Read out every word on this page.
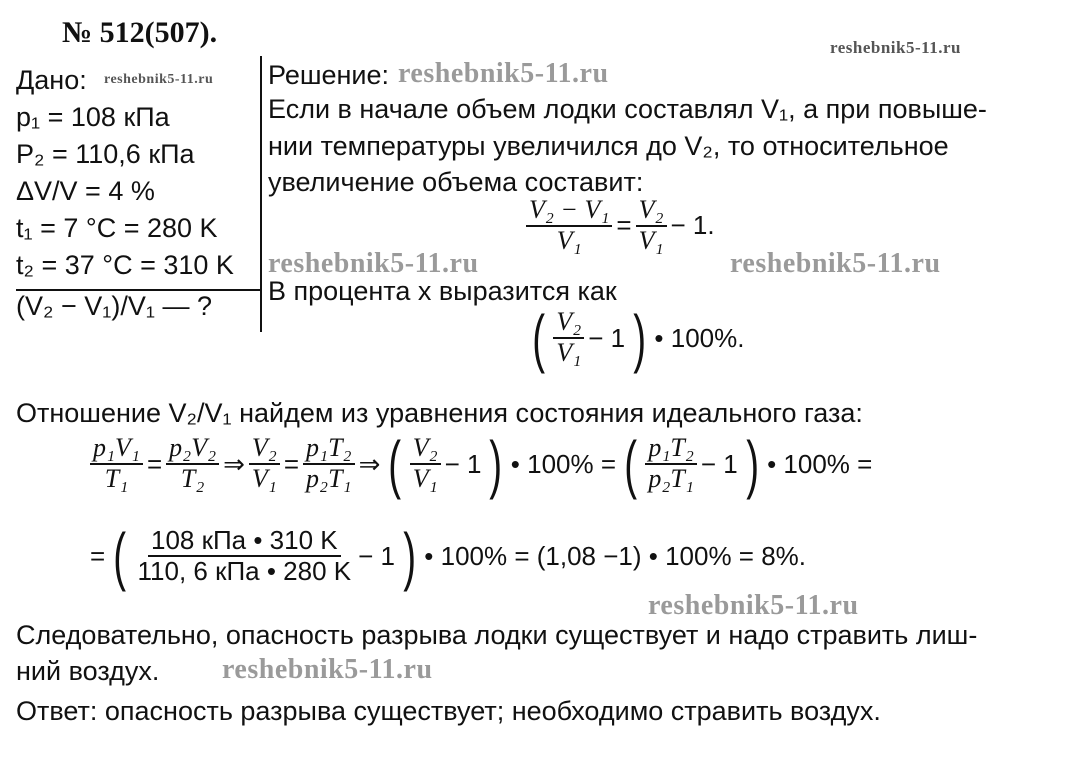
№ 512(507).	reshebnik5-11.ru
reshebnik5-11.ru	reshebnik5-11.ru
reshebnik5-11.ru	reshebnik5-11.ru
reshebnik5-11.ru
reshebnik5-11.ru
Дано:
p₁ = 108 кПа
P₂ = 110,6 кПа
ΔV/V = 4 %
t₁ = 7 °C = 280 K
t₂ = 37 °C = 310 K
(V₂ − V₁)/V₁ — ?
Решение:
Если в начале объем лодки составлял V₁, а при повыше-
нии температуры увеличился до V₂, то относительное
увеличение объема составит:
$\frac{\text{V₂ − V₁}}{\text{V₁}} = \frac{\text{V₂}}{\text{V₁}} - 1$.
В процента х выразится как
( $\frac{\text{V₂}}{\text{V₁}} - 1$ ) • 100%.
Отношение V₂/V₁ найдем из уравнения состояния идеального газа:
$\frac{\text{p₁V₁}}{\text{T₁}} = \frac{\text{p₂V₂}}{\text{T₂}}$ ⇒ $\frac{\text{V₂}}{\text{V₁}} = \frac{\text{p₁T₂}}{\text{p₂T₁}}$ ⇒ ( $\frac{\text{V₂}}{\text{V₁}} - 1$ ) • 100% = ( $\frac{\text{p₁T₂}}{\text{p₂T₁}} - 1$ ) • 100% =
= ( $\frac{\text{108 кПа • 310 K}}{\text{110, 6 кПа • 280 K}} - 1$ ) • 100% = (1,08 −1) • 100% = 8%.
Следовательно, опасность разрыва лодки существует и надо стравить лиш-
ний воздух.
Ответ: опасность разрыва существует; необходимо стравить воздух.
